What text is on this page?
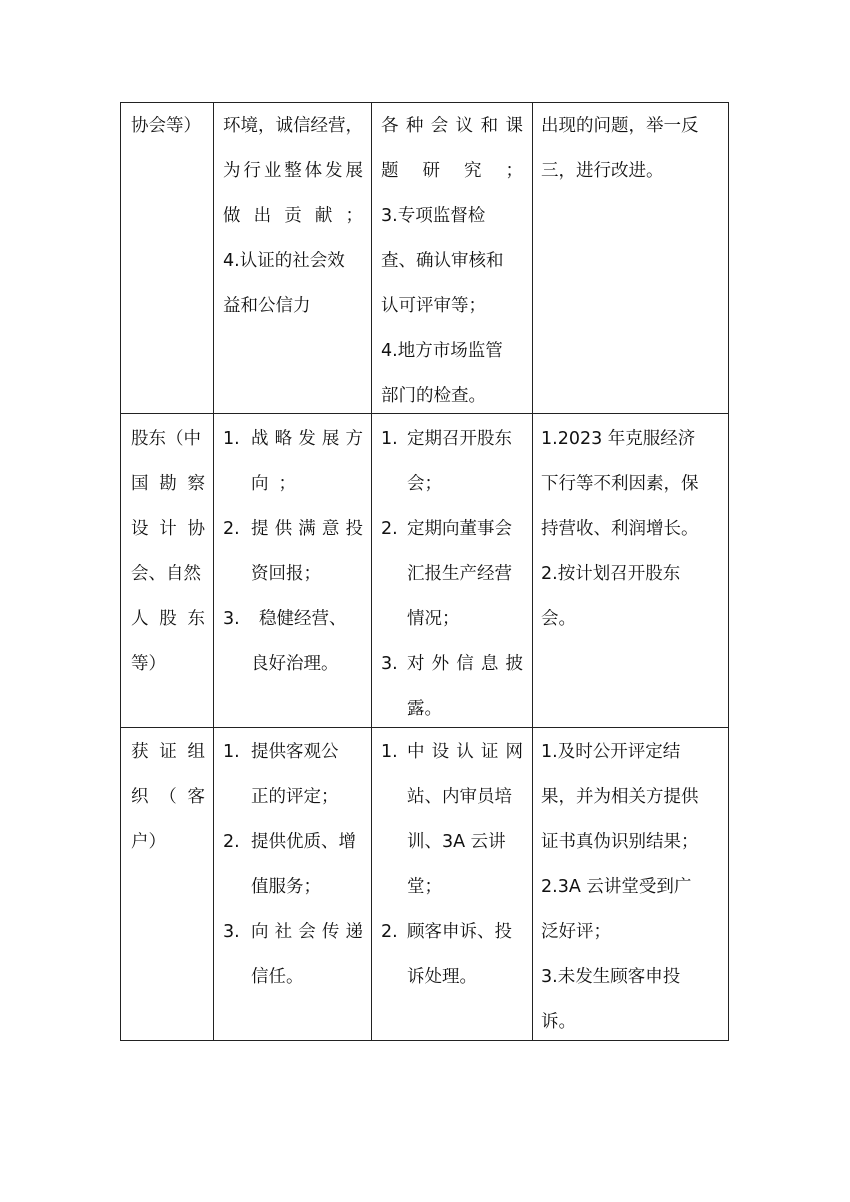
协会等） 环境，诚信经营，
为 行 业 整 体 发 展
做 出 贡 献 ；
4.认证的社会效
益和公信力
各 种 会 议 和 课
题 研 究 ；
3.专项监督检
查、确认审核和
认可评审等；
4.地方市场监管
部门的检查。
出现的问题，举一反
三，进行改进。
股东（中
国 勘 察
设 计 协
会、自然
人 股 东
等）
1. 战 略 发 展 方
向；
2. 提 供 满 意 投
资回报；
3. 稳健经营、
良好治理。
1. 定期召开股东
会；
2. 定期向董事会
汇报生产经营
情况；
3. 对 外 信 息 披
露。
1.2023 年克服经济
下行等不利因素，保
持营收、利润增长。
2.按计划召开股东
会。
获 证 组
织 （ 客
户）
1. 提供客观公
正的评定；
2. 提供优质、增
值服务；
3. 向 社 会 传 递
信任。
1. 中 设 认 证 网
站、内审员培
训、3A 云讲
堂；
2. 顾客申诉、投
诉处理。
1.及时公开评定结
果，并为相关方提供
证书真伪识别结果；
2.3A 云讲堂受到广
泛好评；
3.未发生顾客申投
诉。
